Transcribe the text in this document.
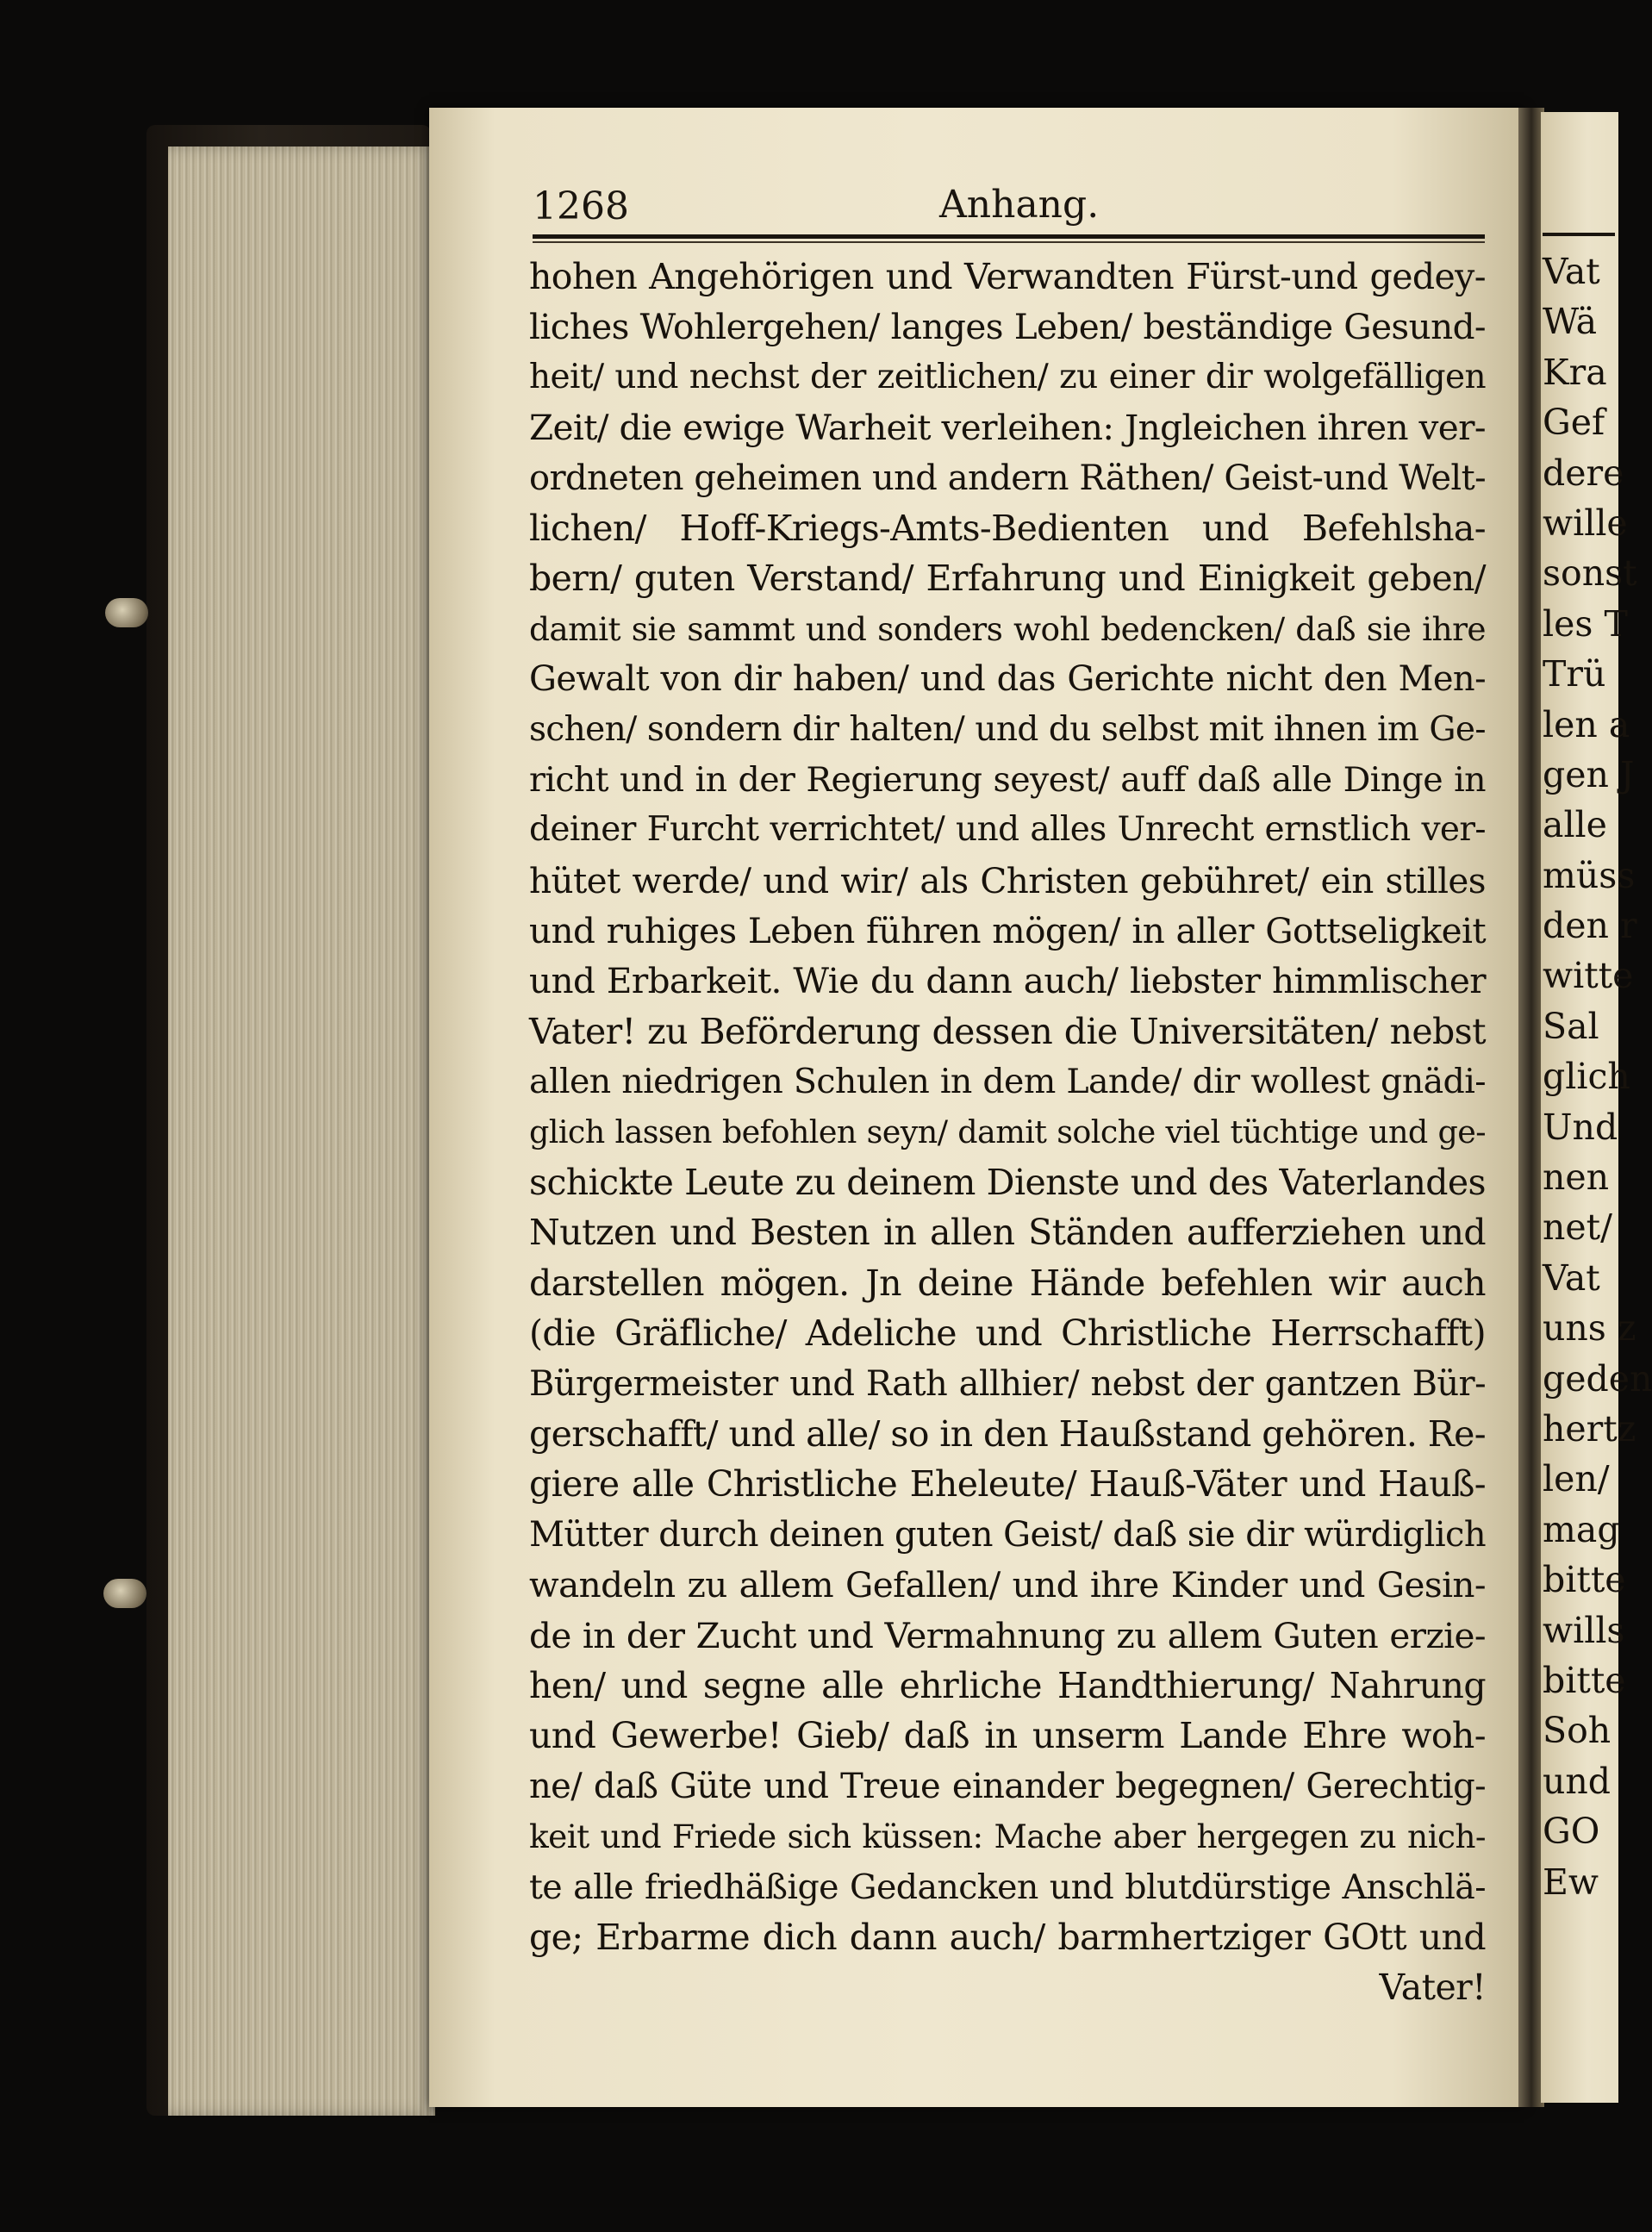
1268	Anhang.
hohen Angehörigen und Verwandten Fürst-und gedey-
liches Wohlergehen/ langes Leben/ beständige Gesund-
heit/ und nechst der zeitlichen/ zu einer dir wolgefälligen
Zeit/ die ewige Warheit verleihen: Jngleichen ihren ver-
ordneten geheimen und andern Räthen/ Geist-und Welt-
lichen/ Hoff-Kriegs-Amts-Bedienten und Befehlsha-
bern/ guten Verstand/ Erfahrung und Einigkeit geben/
damit sie sammt und sonders wohl bedencken/ daß sie ihre
Gewalt von dir haben/ und das Gerichte nicht den Men-
schen/ sondern dir halten/ und du selbst mit ihnen im Ge-
richt und in der Regierung seyest/ auff daß alle Dinge in
deiner Furcht verrichtet/ und alles Unrecht ernstlich ver-
hütet werde/ und wir/ als Christen gebühret/ ein stilles
und ruhiges Leben führen mögen/ in aller Gottseligkeit
und Erbarkeit. Wie du dann auch/ liebster himmlischer
Vater! zu Beförderung dessen die Universitäten/ nebst
allen niedrigen Schulen in dem Lande/ dir wollest gnädi-
glich lassen befohlen seyn/ damit solche viel tüchtige und ge-
schickte Leute zu deinem Dienste und des Vaterlandes
Nutzen und Besten in allen Ständen aufferziehen und
darstellen mögen. Jn deine Hände befehlen wir auch
(die Gräfliche/ Adeliche und Christliche Herrschafft)
Bürgermeister und Rath allhier/ nebst der gantzen Bür-
gerschafft/ und alle/ so in den Haußstand gehören. Re-
giere alle Christliche Eheleute/ Hauß-Väter und Hauß-
Mütter durch deinen guten Geist/ daß sie dir würdiglich
wandeln zu allem Gefallen/ und ihre Kinder und Gesin-
de in der Zucht und Vermahnung zu allem Guten erzie-
hen/ und segne alle ehrliche Handthierung/ Nahrung
und Gewerbe! Gieb/ daß in unserm Lande Ehre woh-
ne/ daß Güte und Treue einander begegnen/ Gerechtig-
keit und Friede sich küssen: Mache aber hergegen zu nich-
te alle friedhäßige Gedancken und blutdürstige Anschlä-
ge; Erbarme dich dann auch/ barmhertziger GOtt und
Vater!
Vat
Wä
Kra
Gef
dere
wille
sonst
les T
Trü
len a
gen J
alle
müss
den r
witte
Sal
glich
Und
nen
net/
Vat
uns z
geden
hertz
len/
mag
bitte
wills
bitte
Soh
und
GO
Ew
